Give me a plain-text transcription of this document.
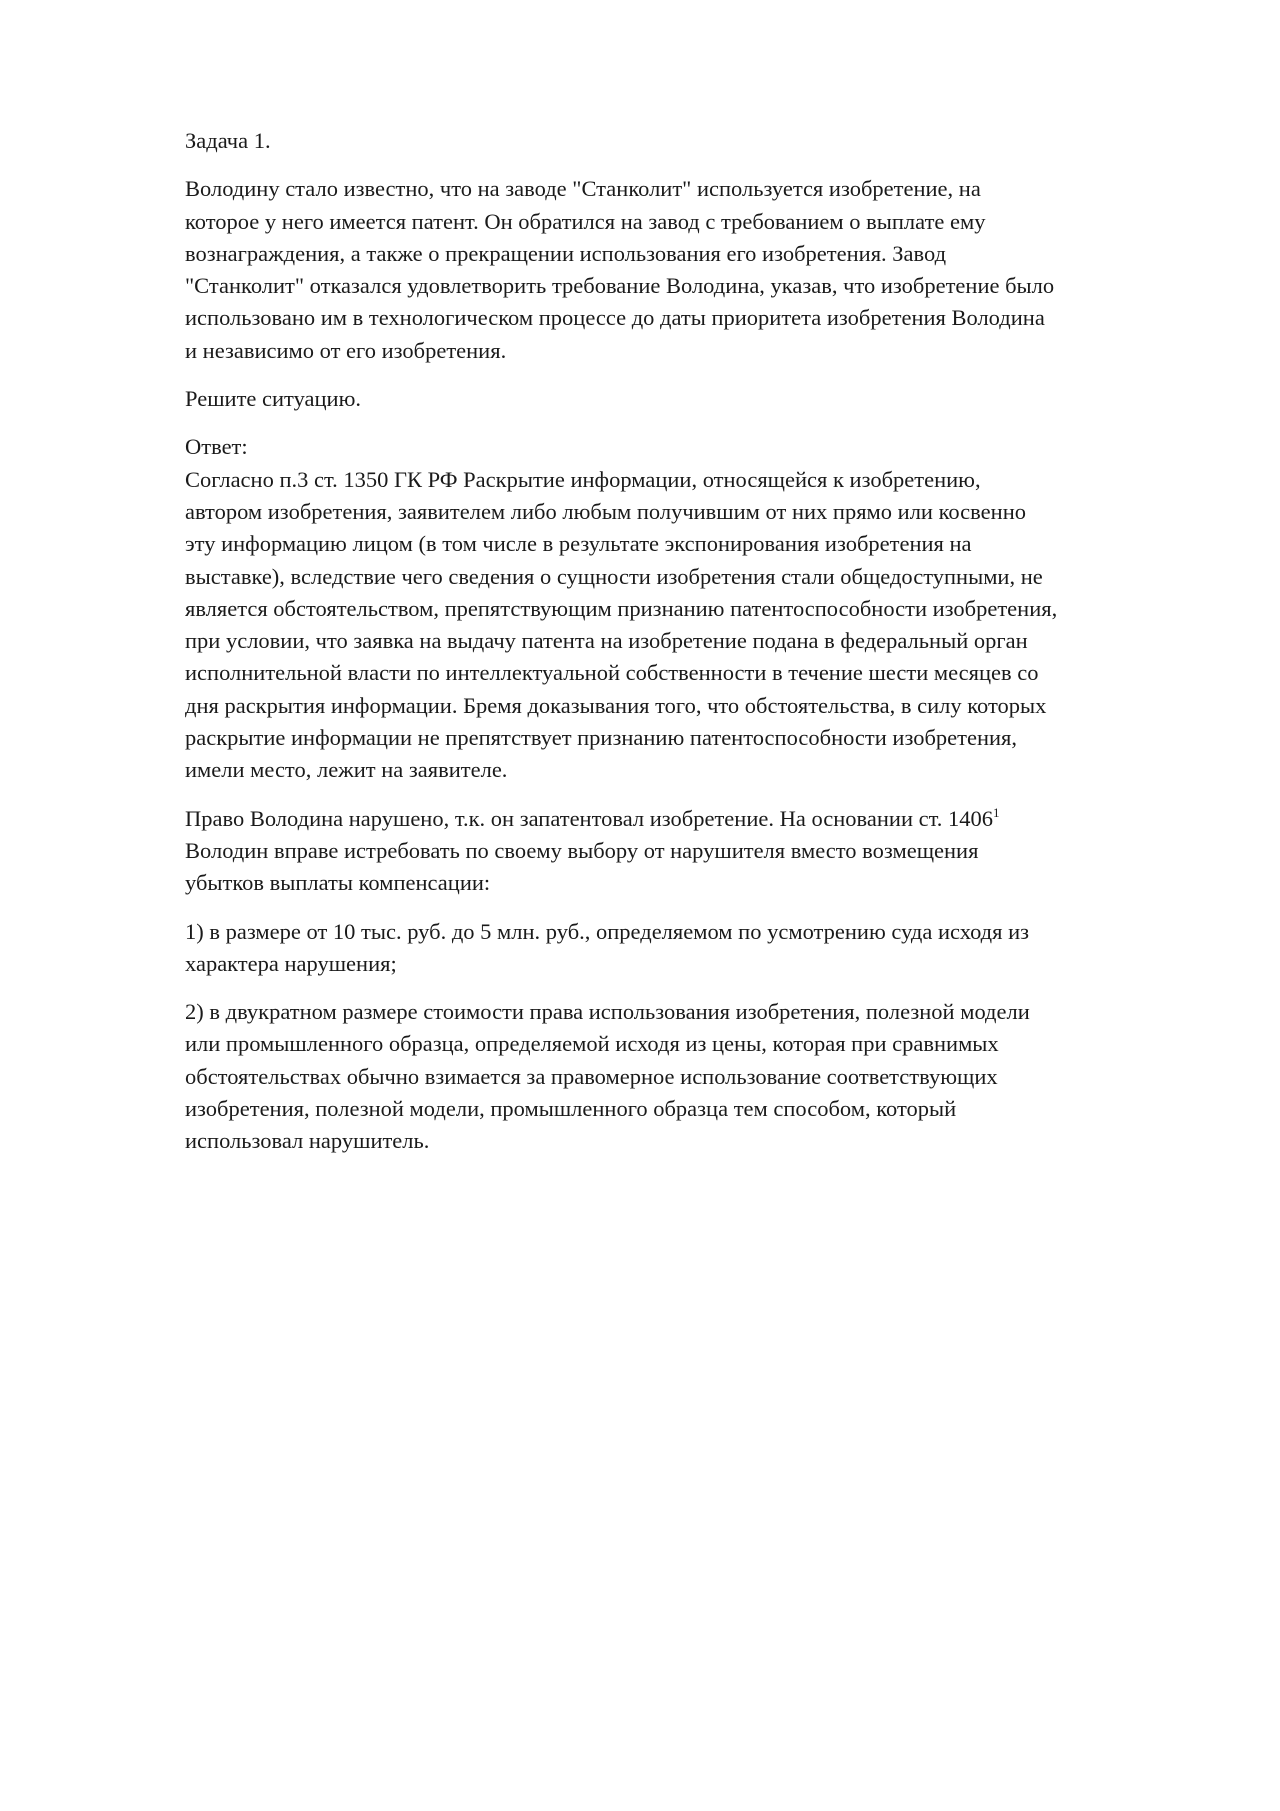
Задача 1.

Володину стало известно, что на заводе "Станколит" используется изобретение, на
которое у него имеется патент. Он обратился на завод с требованием о выплате ему
вознаграждения, а также о прекращении использования его изобретения. Завод
"Станколит" отказался удовлетворить требование Володина, указав, что изобретение было
использовано им в технологическом процессе до даты приоритета изобретения Володина
и независимо от его изобретения.

Решите ситуацию.

Ответ:
Согласно п.3 ст. 1350 ГК РФ Раскрытие информации, относящейся к изобретению,
автором изобретения, заявителем либо любым получившим от них прямо или косвенно
эту информацию лицом (в том числе в результате экспонирования изобретения на
выставке), вследствие чего сведения о сущности изобретения стали общедоступными, не
является обстоятельством, препятствующим признанию патентоспособности изобретения,
при условии, что заявка на выдачу патента на изобретение подана в федеральный орган
исполнительной власти по интеллектуальной собственности в течение шести месяцев со
дня раскрытия информации. Бремя доказывания того, что обстоятельства, в силу которых
раскрытие информации не препятствует признанию патентоспособности изобретения,
имели место, лежит на заявителе.

Право Володина нарушено, т.к. он запатентовал изобретение. На основании ст. 1406$^1$
Володин вправе истребовать по своему выбору от нарушителя вместо возмещения
убытков выплаты компенсации:

1) в размере от 10 тыс. руб. до 5 млн. руб., определяемом по усмотрению суда исходя из
характера нарушения;

2) в двукратном размере стоимости права использования изобретения, полезной модели
или промышленного образца, определяемой исходя из цены, которая при сравнимых
обстоятельствах обычно взимается за правомерное использование соответствующих
изобретения, полезной модели, промышленного образца тем способом, который
использовал нарушитель.
